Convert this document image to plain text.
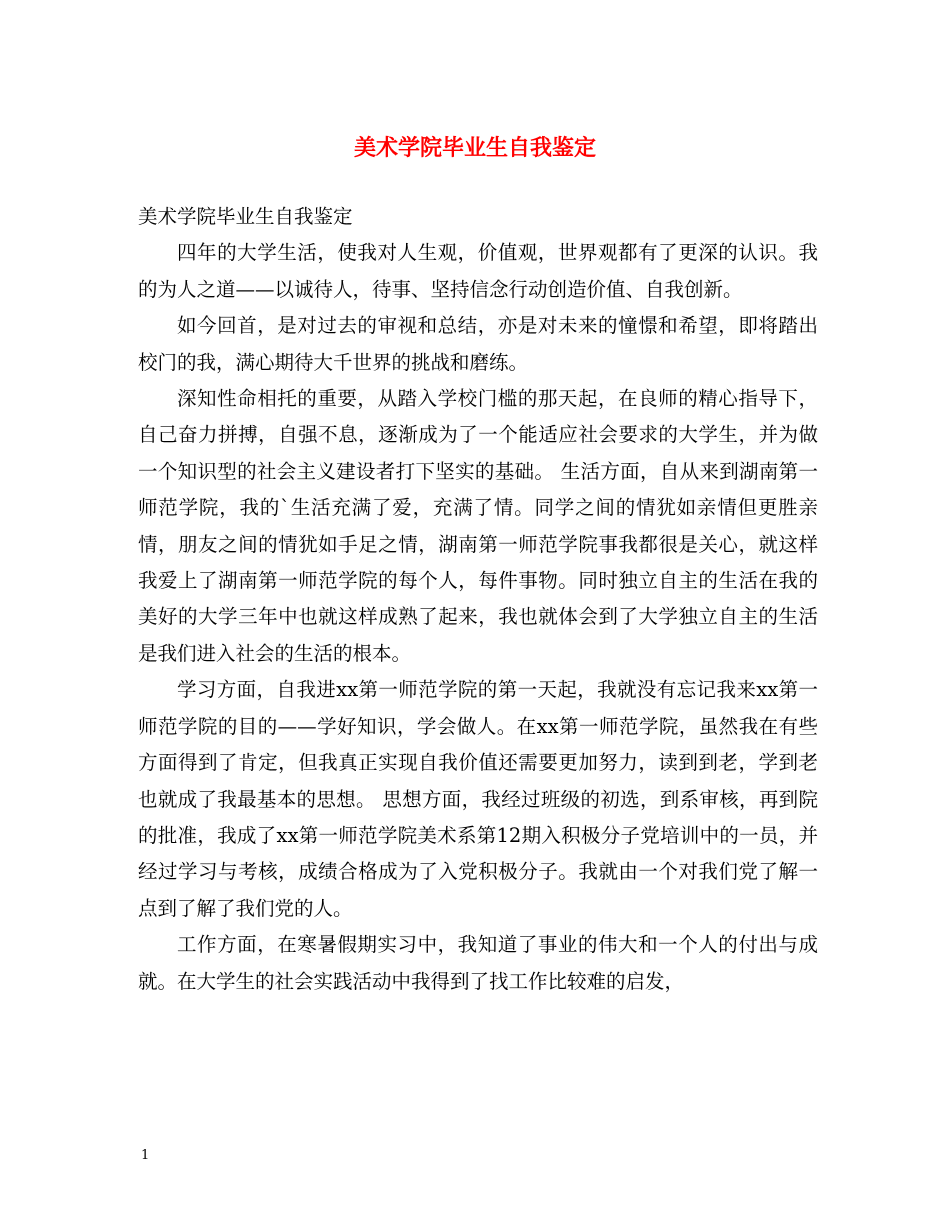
美术学院毕业生自我鉴定

美术学院毕业生自我鉴定

四年的大学生活，使我对人生观，价值观，世界观都有了更深的认识。我的为人之道——以诚待人，待事、坚持信念行动创造价值、自我创新。

如今回首，是对过去的审视和总结，亦是对未来的憧憬和希望，即将踏出校门的我，满心期待大千世界的挑战和磨练。

深知性命相托的重要，从踏入学校门槛的那天起，在良师的精心指导下，自己奋力拼搏，自强不息，逐渐成为了一个能适应社会要求的大学生，并为做一个知识型的社会主义建设者打下坚实的基础。 生活方面，自从来到湖南第一师范学院，我的`生活充满了爱，充满了情。同学之间的情犹如亲情但更胜亲情，朋友之间的情犹如手足之情，湖南第一师范学院事我都很是关心，就这样我爱上了湖南第一师范学院的每个人，每件事物。同时独立自主的生活在我的美好的大学三年中也就这样成熟了起来，我也就体会到了大学独立自主的生活是我们进入社会的生活的根本。

学习方面，自我进xx第一师范学院的第一天起，我就没有忘记我来xx第一师范学院的目的——学好知识，学会做人。在xx第一师范学院，虽然我在有些方面得到了肯定，但我真正实现自我价值还需要更加努力，读到到老，学到老也就成了我最基本的思想。 思想方面，我经过班级的初选，到系审核，再到院的批准，我成了xx第一师范学院美术系第12期入积极分子党培训中的一员，并经过学习与考核，成绩合格成为了入党积极分子。我就由一个对我们党了解一点到了解了我们党的人。

工作方面，在寒暑假期实习中，我知道了事业的伟大和一个人的付出与成就。在大学生的社会实践活动中我得到了找工作比较难的启发，

1
